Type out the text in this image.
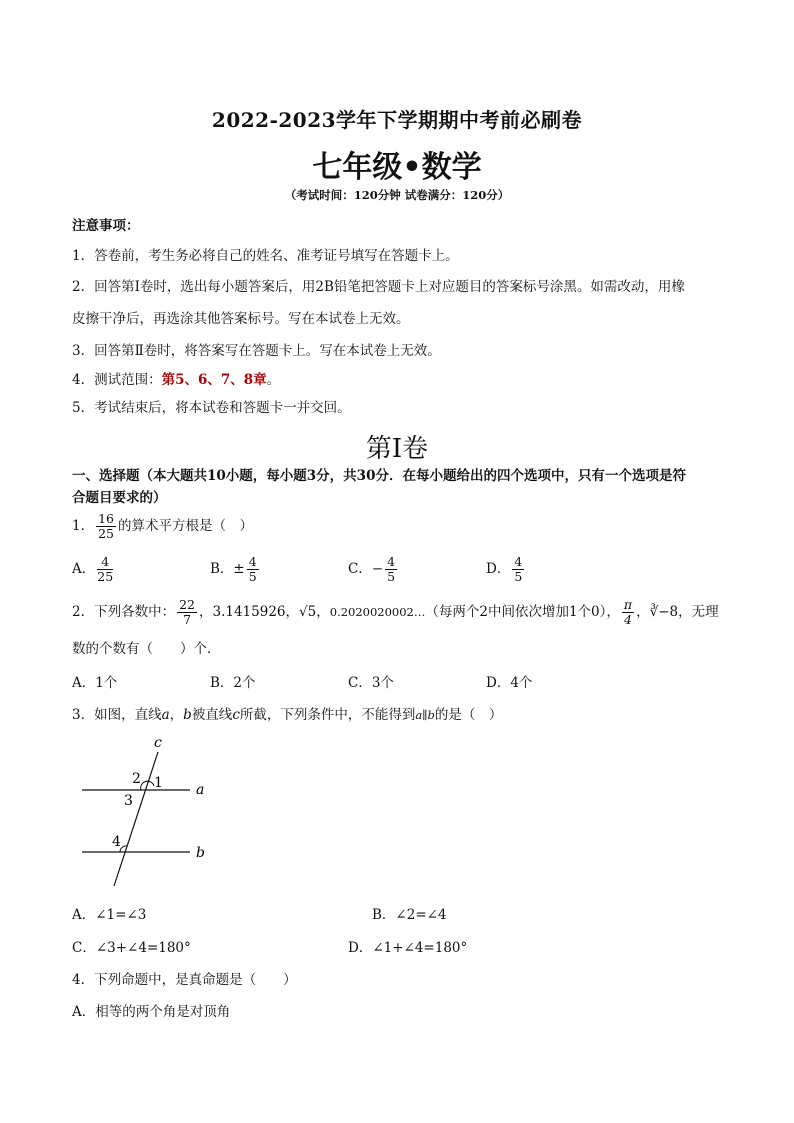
2022-2023学年下学期期中考前必刷卷
七年级•数学
（考试时间：120分钟 试卷满分：120分）
注意事项：
1．答卷前，考生务必将自己的姓名、准考证号填写在答题卡上。
2．回答第Ⅰ卷时，选出每小题答案后，用2B铅笔把答题卡上对应题目的答案标号涂黑。如需改动，用橡
皮擦干净后，再选涂其他答案标号。写在本试卷上无效。
3．回答第Ⅱ卷时，将答案写在答题卡上。写在本试卷上无效。
4．测试范围：第5、6、7、8章。
5．考试结束后，将本试卷和答题卡一并交回。
第Ⅰ卷
一、选择题（本大题共10小题，每小题3分，共30分．在每小题给出的四个选项中，只有一个选项是符
合题目要求的）
1． $\frac{16}{25}$ 的算术平方根是（　）
A． $\frac{4}{25}$	B．± $\frac{4}{5}$	C．− $\frac{4}{5}$	D． $\frac{4}{5}$
2．下列各数中： $\frac{22}{7}$ ，3.1415926，√5，0.2020020002…（每两个2中间依次增加1个0）， $\frac{\pi}{4}$ ，∛−8，无理
数的个数有（　　）个．
A．1个	B．2个	C．3个	D．4个
3．如图，直线a，b被直线c所截，下列条件中，不能得到a∥b的是（　）
c
a
b
2 1
3
4
A．∠1=∠3	B．∠2=∠4
C．∠3+∠4=180°	D．∠1+∠4=180°
4．下列命题中，是真命题是（　　）
A．相等的两个角是对顶角
